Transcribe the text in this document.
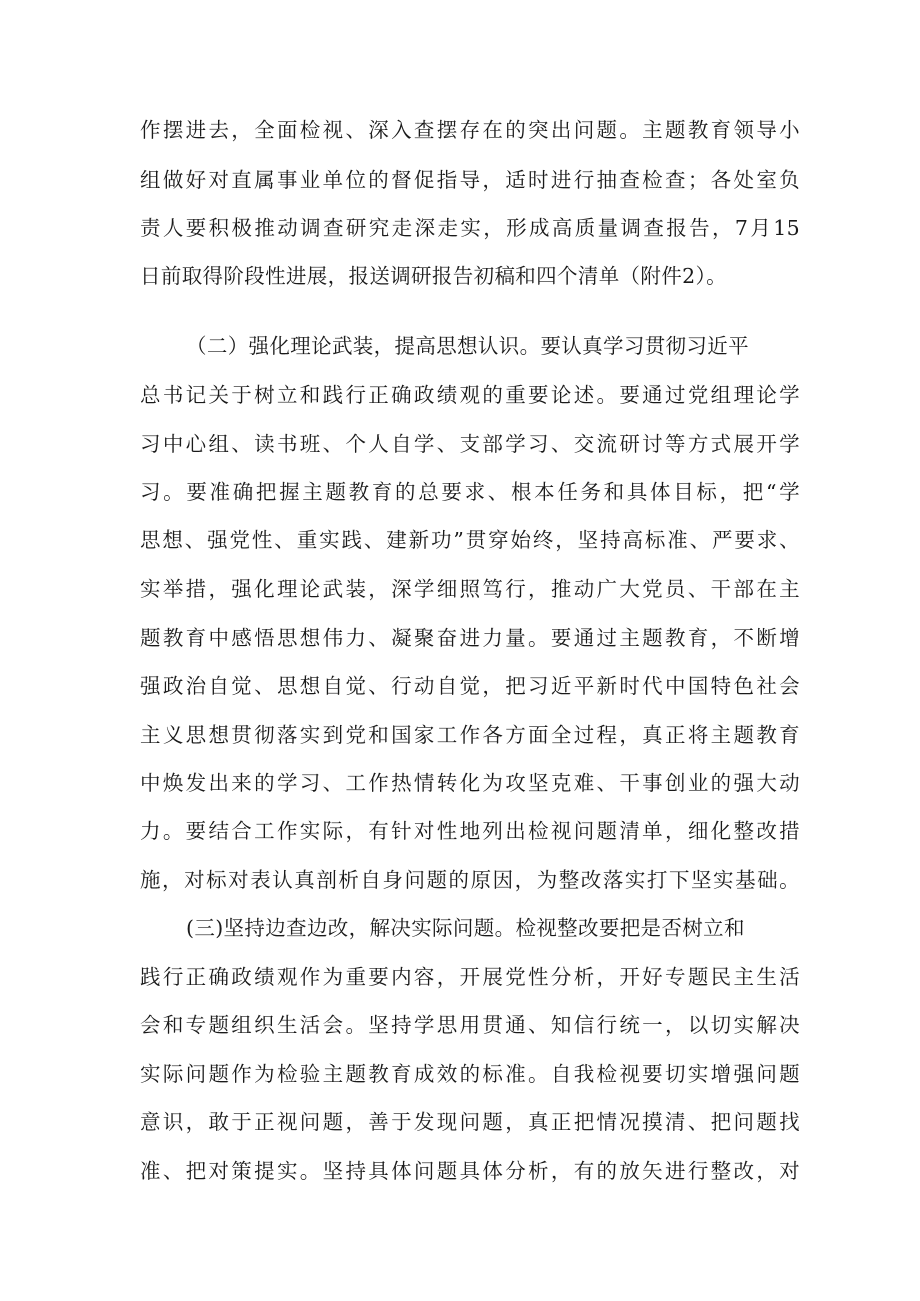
作摆进去，全面检视、深入查摆存在的突出问题。主题教育领导小
组做好对直属事业单位的督促指导，适时进行抽查检查；各处室负
责人要积极推动调查研究走深走实，形成高质量调查报告，7月15
日前取得阶段性进展，报送调研报告初稿和四个清单（附件2）。
（二）强化理论武装，提高思想认识。要认真学习贯彻习近平
总书记关于树立和践行正确政绩观的重要论述。要通过党组理论学
习中心组、读书班、个人自学、支部学习、交流研讨等方式展开学
习。要准确把握主题教育的总要求、根本任务和具体目标，把“学
思想、强党性、重实践、建新功”贯穿始终，坚持高标准、严要求、
实举措，强化理论武装，深学细照笃行，推动广大党员、干部在主
题教育中感悟思想伟力、凝聚奋进力量。要通过主题教育，不断增
强政治自觉、思想自觉、行动自觉，把习近平新时代中国特色社会
主义思想贯彻落实到党和国家工作各方面全过程，真正将主题教育
中焕发出来的学习、工作热情转化为攻坚克难、干事创业的强大动
力。要结合工作实际，有针对性地列出检视问题清单，细化整改措
施，对标对表认真剖析自身问题的原因，为整改落实打下坚实基础。
(三)坚持边查边改，解决实际问题。检视整改要把是否树立和
践行正确政绩观作为重要内容，开展党性分析，开好专题民主生活
会和专题组织生活会。坚持学思用贯通、知信行统一，以切实解决
实际问题作为检验主题教育成效的标准。自我检视要切实增强问题
意识，敢于正视问题，善于发现问题，真正把情况摸清、把问题找
准、把对策提实。坚持具体问题具体分析，有的放矢进行整改，对
